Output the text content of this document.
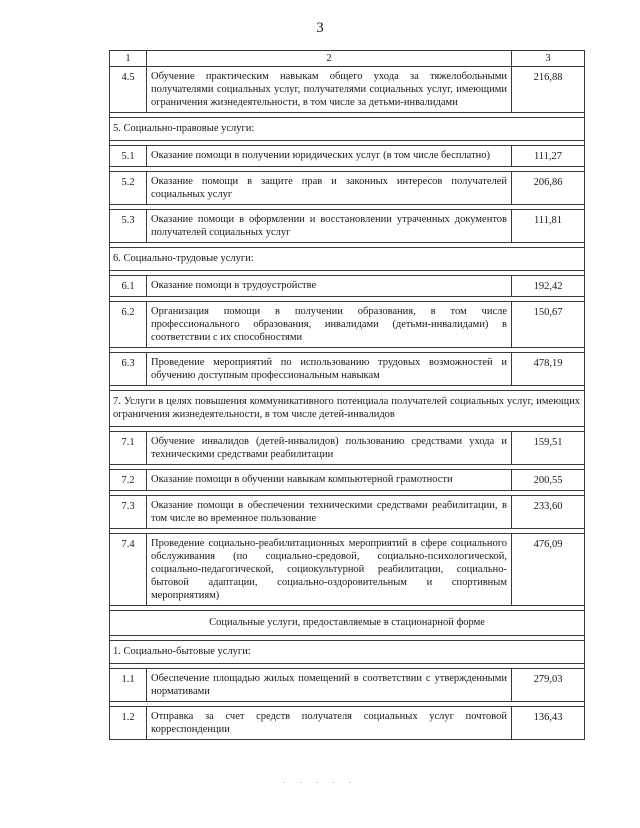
3
1	2	3
4.5	Обучение практическим навыкам общего ухода за тяжелобольными получателями социальных услуг, получателями социальных услуг, имеющими ограничения жизнедеятельности, в том числе за детьми-инвалидами	216,88

5. Социально-правовые услуги:		

5.1	Оказание помощи в получении юридических услуг (в том числе бесплатно)	111,27

5.2	Оказание помощи в защите прав и законных интересов получателей социальных услуг	206,86

5.3	Оказание помощи в оформлении и восстановлении утраченных документов получателей социальных услуг	111,81

6. Социально-трудовые услуги:		

6.1	Оказание помощи в трудоустройстве	192,42

6.2	Организация помощи в получении образования, в том числе профессионального образования, инвалидами (детьми-инвалидами) в соответствии с их способностями	150,67

6.3	Проведение мероприятий по использованию трудовых возможностей и обучению доступным профессиональным навыкам	478,19

7. Услуги в целях повышения коммуникативного потенциала получателей социальных услуг, имеющих ограничения жизнедеятельности, в том числе детей-инвалидов		

7.1	Обучение инвалидов (детей-инвалидов) пользованию средствами ухода и техническими средствами реабилитации	159,51

7.2	Оказание помощи в обучении навыкам компьютерной грамотности	200,55

7.3	Оказание помощи в обеспечении техническими средствами реабилитации, в том числе во временное пользование	233,60

7.4	Проведение социально-реабилитационных мероприятий в сфере социального обслуживания (по социально-средовой, социально-психологической, социально-педагогической, социокультурной реабилитации, социально-бытовой адаптации, социально-оздоровительным и спортивным мероприятиям)	476,09

Социальные услуги, предоставляемые в стационарной форме		

1. Социально-бытовые услуги:		

1.1	Обеспечение площадью жилых помещений в соответствии с утвержденными нормативами	279,03

1.2	Отправка за счет средств получателя социальных услуг почтовой корреспонденции	136,43
. . . . .
